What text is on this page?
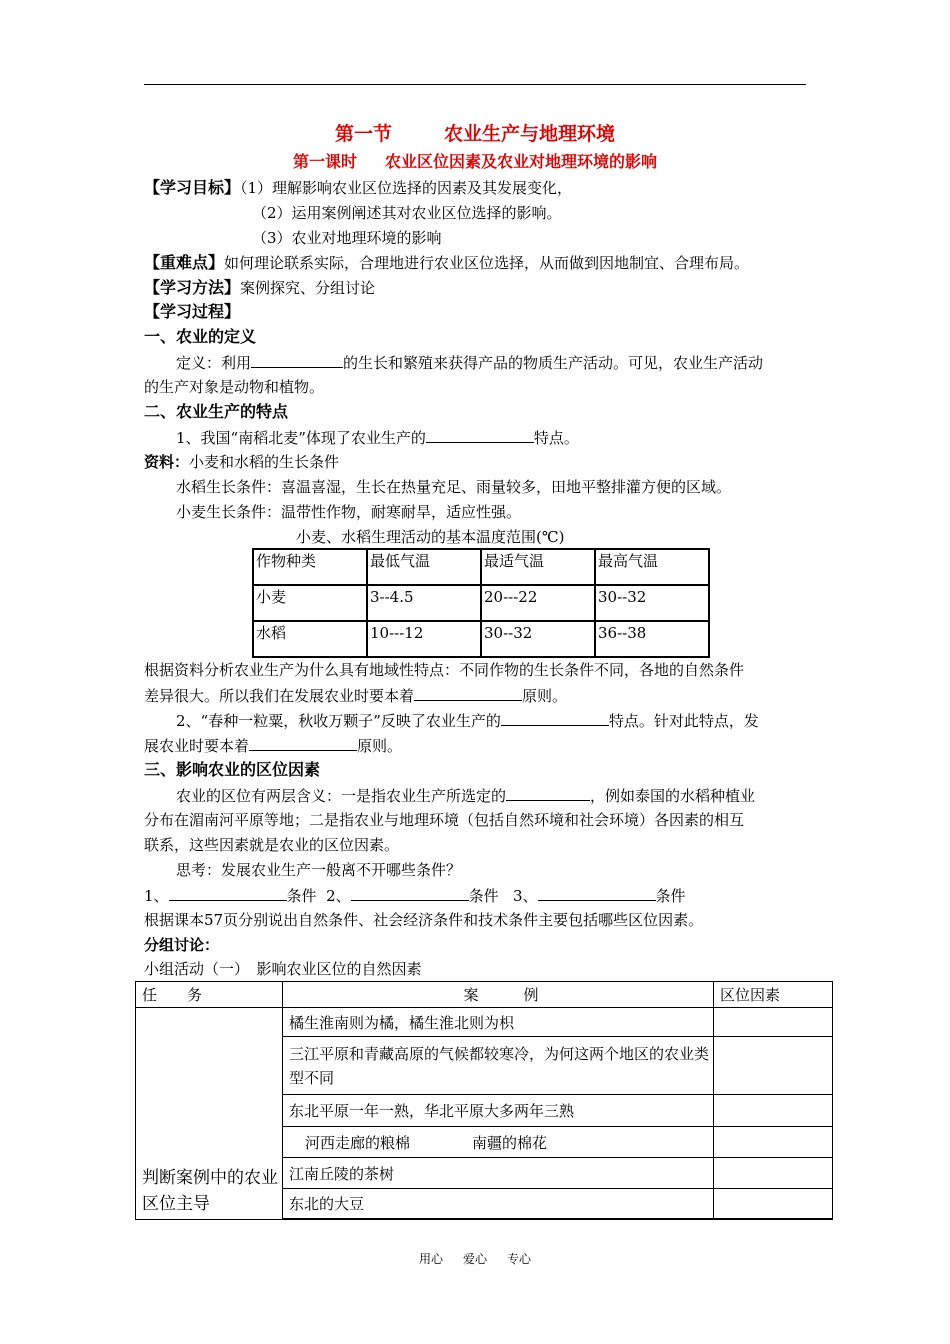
第一节	农业生产与地理环境
第一课时 农业区位因素及农业对地理环境的影响
【学习目标】（1）理解影响农业区位选择的因素及其发展变化，
（2）运用案例阐述其对农业区位选择的影响。
（3）农业对地理环境的影响
【重难点】如何理论联系实际，合理地进行农业区位选择，从而做到因地制宜、合理布局。
【学习方法】案例探究、分组讨论
【学习过程】
一、农业的定义
定义：利用	的生长和繁殖来获得产品的物质生产活动。可见，农业生产活动
的生产对象是动物和植物。
二、农业生产的特点
1、我国“南稻北麦”体现了农业生产的	特点。
资料：小麦和水稻的生长条件
水稻生长条件：喜温喜湿，生长在热量充足、雨量较多，田地平整排灌方便的区域。
小麦生长条件：温带性作物，耐寒耐旱，适应性强。
小麦、水稻生理活动的基本温度范围(℃)
作物种类	最低气温	最适气温	最高气温
小麦	3--4.5	20---22	30--32
水稻	10---12	30--32	36--38
根据资料分析农业生产为什么具有地域性特点：不同作物的生长条件不同，各地的自然条件
差异很大。所以我们在发展农业时要本着	原则。
2、“春种一粒粟，秋收万颗子”反映了农业生产的	特点。针对此特点，发
展农业时要本着	原则。
三、影响农业的区位因素
农业的区位有两层含义：一是指农业生产所选定的	，例如泰国的水稻种植业
分布在湄南河平原等地；二是指农业与地理环境（包括自然环境和社会环境）各因素的相互
联系，这些因素就是农业的区位因素。
思考：发展农业生产一般离不开哪些条件？
1、	条件 2、	条件 3、	条件
根据课本57页分别说出自然条件、社会经济条件和技术条件主要包括哪些区位因素。
分组讨论：
小组活动（一）　影响农业区位的自然因素
任　　务	案　　　例	区位因素
判断案例中的农业区位主导	橘生淮南则为橘，橘生淮北则为枳	
	三江平原和青藏高原的气候都较寒冷，为何这两个地区的农业类型不同	
	东北平原一年一熟，华北平原大多两年三熟	
	河西走廊的粮棉 南疆的棉花	
	江南丘陵的茶树	
	东北的大豆	

用心 爱心 专心
